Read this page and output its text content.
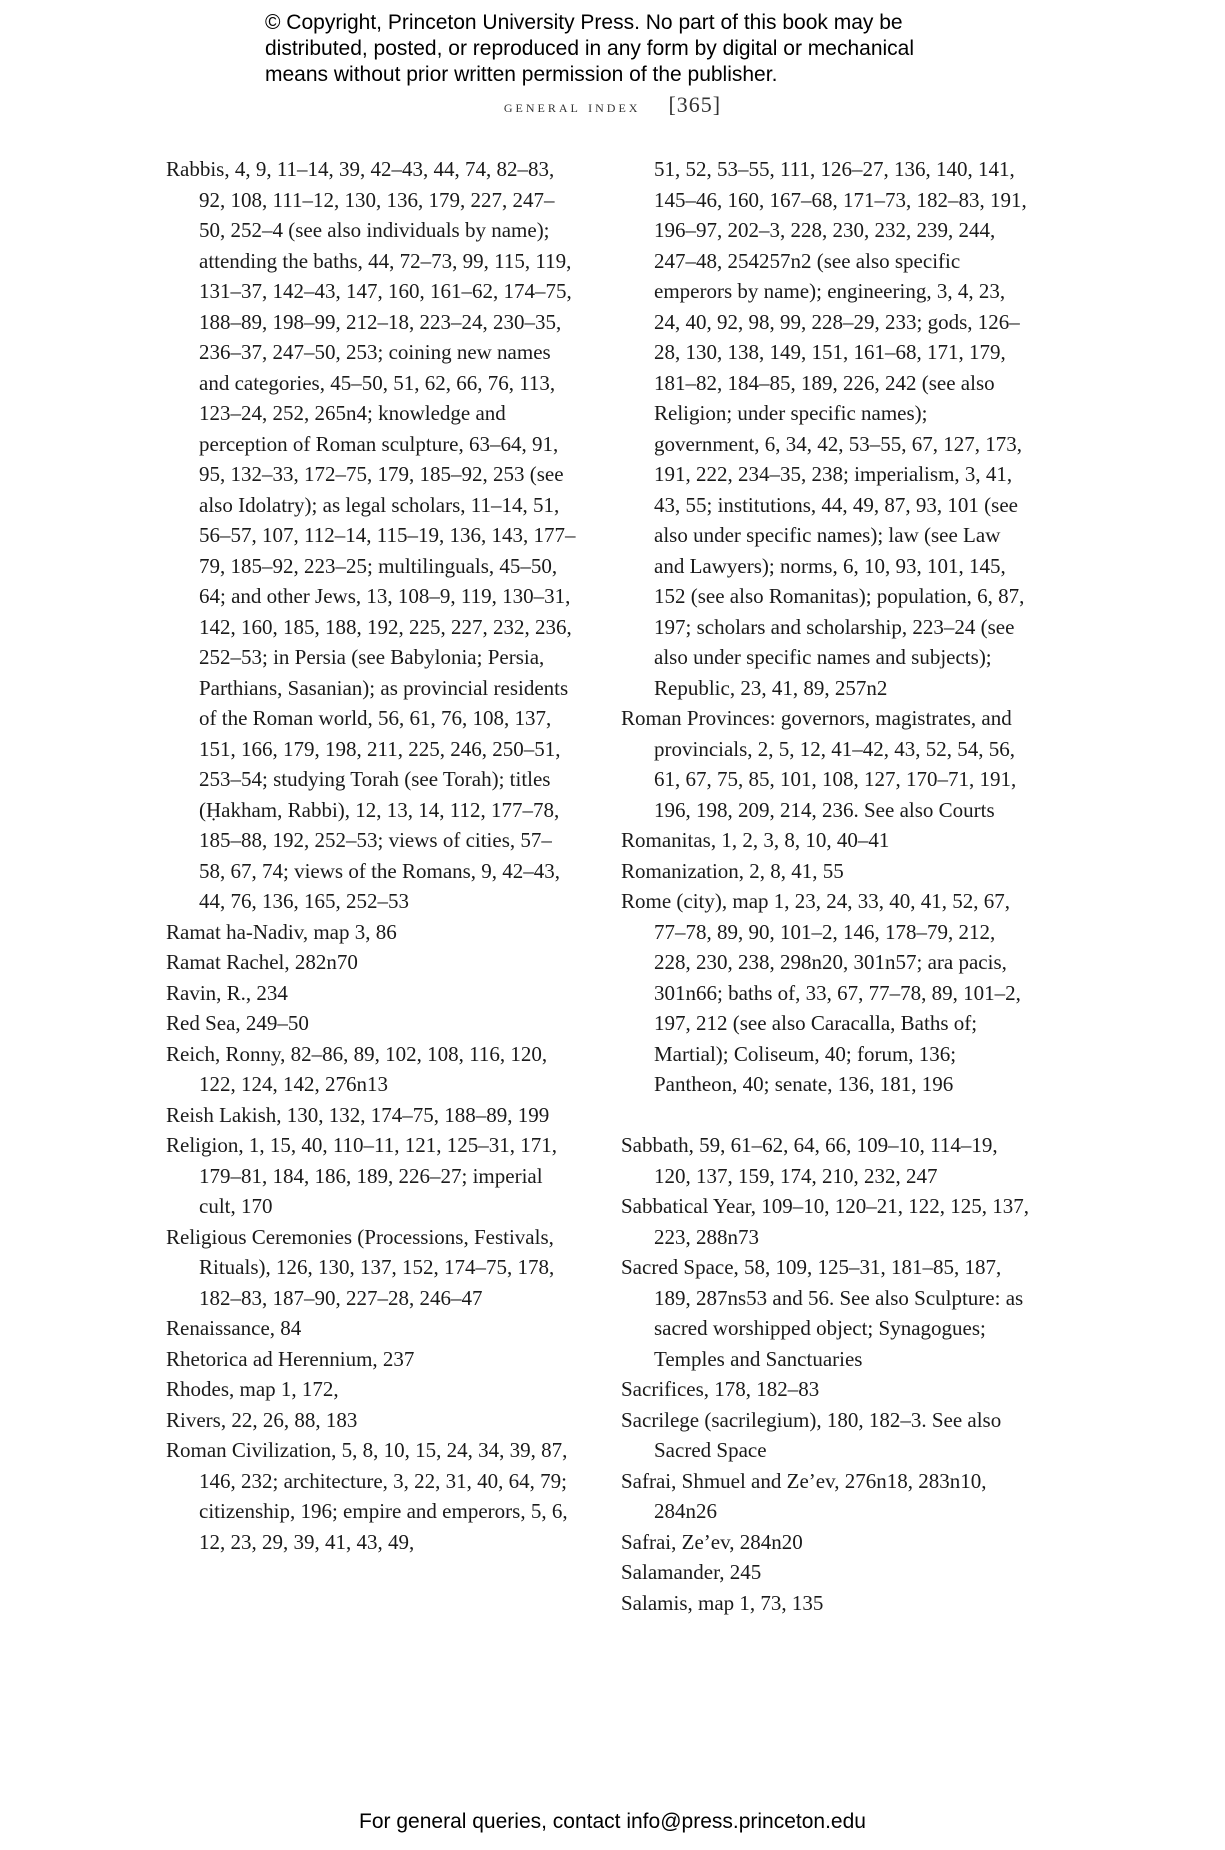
© Copyright, Princeton University Press. No part of this book may be
distributed, posted, or reproduced in any form by digital or mechanical
means without prior written permission of the publisher.
general index [365]

Rabbis, 4, 9, 11–14, 39, 42–43, 44, 74, 82–83, 92, 108, 111–12, 130, 136, 179, 227, 247–50, 252–4 (see also individuals by name); attending the baths, 44, 72–73, 99, 115, 119, 131–37, 142–43, 147, 160, 161–62, 174–75, 188–89, 198–99, 212–18, 223–24, 230–35, 236–37, 247–50, 253; coining new names and categories, 45–50, 51, 62, 66, 76, 113, 123–24, 252, 265n4; knowledge and perception of Roman sculpture, 63–64, 91, 95, 132–33, 172–75, 179, 185–92, 253 (see also Idolatry); as legal scholars, 11–14, 51, 56–57, 107, 112–14, 115–19, 136, 143, 177–79, 185–92, 223–25; multilinguals, 45–50, 64; and other Jews, 13, 108–9, 119, 130–31, 142, 160, 185, 188, 192, 225, 227, 232, 236, 252–53; in Persia (see Babylonia; Persia, Parthians, Sasanian); as provincial residents of the Roman world, 56, 61, 76, 108, 137, 151, 166, 179, 198, 211, 225, 246, 250–51, 253–54; studying Torah (see Torah); titles (Ḥakham, Rabbi), 12, 13, 14, 112, 177–78, 185–88, 192, 252–53; views of cities, 57–58, 67, 74; views of the Romans, 9, 42–43, 44, 76, 136, 165, 252–53

Ramat ha-Nadiv, map 3, 86

Ramat Rachel, 282n70

Ravin, R., 234

Red Sea, 249–50

Reich, Ronny, 82–86, 89, 102, 108, 116, 120, 122, 124, 142, 276n13

Reish Lakish, 130, 132, 174–75, 188–89, 199

Religion, 1, 15, 40, 110–11, 121, 125–31, 171, 179–81, 184, 186, 189, 226–27; imperial cult, 170

Religious Ceremonies (Processions, Festivals, Rituals), 126, 130, 137, 152, 174–75, 178, 182–83, 187–90, 227–28, 246–47

Renaissance, 84

Rhetorica ad Herennium, 237

Rhodes, map 1, 172,

Rivers, 22, 26, 88, 183

Roman Civilization, 5, 8, 10, 15, 24, 34, 39, 87, 146, 232; architecture, 3, 22, 31, 40, 64, 79; citizenship, 196; empire and emperors, 5, 6, 12, 23, 29, 39, 41, 43, 49,

51, 52, 53–55, 111, 126–27, 136, 140, 141, 145–46, 160, 167–68, 171–73, 182–83, 191, 196–97, 202–3, 228, 230, 232, 239, 244, 247–48, 254257n2 (see also specific emperors by name); engineering, 3, 4, 23, 24, 40, 92, 98, 99, 228–29, 233; gods, 126–28, 130, 138, 149, 151, 161–68, 171, 179, 181–82, 184–85, 189, 226, 242 (see also Religion; under specific names); government, 6, 34, 42, 53–55, 67, 127, 173, 191, 222, 234–35, 238; imperialism, 3, 41, 43, 55; institutions, 44, 49, 87, 93, 101 (see also under specific names); law (see Law and Lawyers); norms, 6, 10, 93, 101, 145, 152 (see also Romanitas); population, 6, 87, 197; scholars and scholarship, 223–24 (see also under specific names and subjects); Republic, 23, 41, 89, 257n2

Roman Provinces: governors, magistrates, and provincials, 2, 5, 12, 41–42, 43, 52, 54, 56, 61, 67, 75, 85, 101, 108, 127, 170–71, 191, 196, 198, 209, 214, 236. See also Courts

Romanitas, 1, 2, 3, 8, 10, 40–41

Romanization, 2, 8, 41, 55

Rome (city), map 1, 23, 24, 33, 40, 41, 52, 67, 77–78, 89, 90, 101–2, 146, 178–79, 212, 228, 230, 238, 298n20, 301n57; ara pacis, 301n66; baths of, 33, 67, 77–78, 89, 101–2, 197, 212 (see also Caracalla, Baths of; Martial); Coliseum, 40; forum, 136; Pantheon, 40; senate, 136, 181, 196

Sabbath, 59, 61–62, 64, 66, 109–10, 114–19, 120, 137, 159, 174, 210, 232, 247

Sabbatical Year, 109–10, 120–21, 122, 125, 137, 223, 288n73

Sacred Space, 58, 109, 125–31, 181–85, 187, 189, 287ns53 and 56. See also Sculpture: as sacred worshipped object; Synagogues; Temples and Sanctuaries

Sacrifices, 178, 182–83

Sacrilege (sacrilegium), 180, 182–3. See also Sacred Space

Safrai, Shmuel and Ze’ev, 276n18, 283n10, 284n26

Safrai, Ze’ev, 284n20

Salamander, 245

Salamis, map 1, 73, 135

For general queries, contact info@press.princeton.edu
